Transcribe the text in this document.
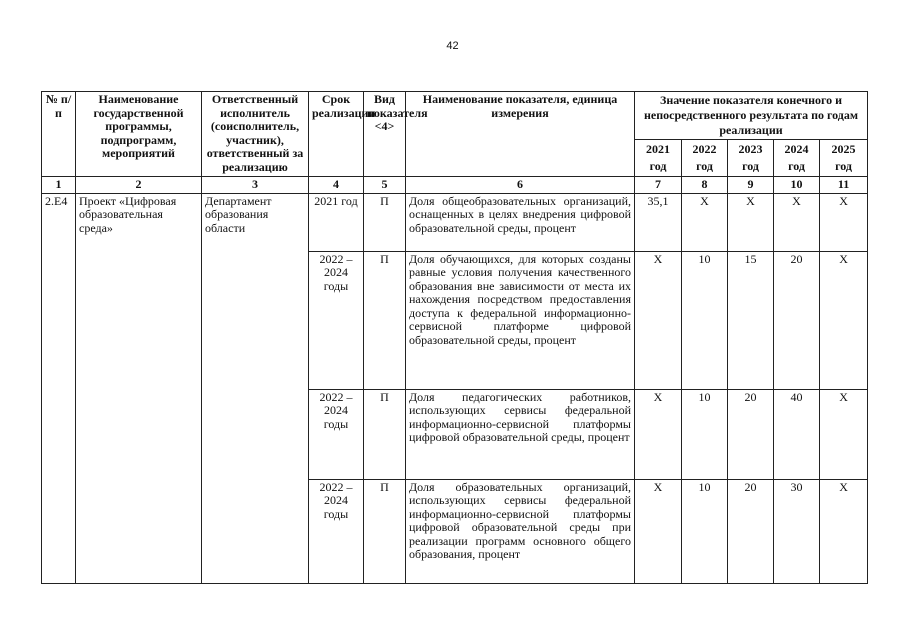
42
№ п/п	Наименование государственной программы, подпрограмм, мероприятий	Ответственный исполнитель (соисполнитель, участник), ответственный за реализацию	Срок реализации	Вид показателя <4>	Наименование показателя, единица измерения	Значение показателя конечного и непосредственного результата по годам реализации				
						2021 год	2022 год	2023 год	2024 год	2025 год
1	2	3	4	5	6	7	8	9	10	11
2.Е4	Проект «Цифровая образовательная среда»	Департамент образования области	2021 год	П	Доля общеобразовательных организаций, оснащенных в целях внедрения цифровой образовательной среды, процент	35,1	Х	Х	Х	Х
			2022 – 2024 годы	П	Доля обучающихся, для которых созданы равные условия получения качественного образования вне зависимости от места их нахождения посредством предоставления доступа к федеральной информационно-сервисной платформе цифровой образовательной среды, процент	Х	10	15	20	Х
			2022 – 2024 годы	П	Доля педагогических работников, использующих сервисы федеральной информационно-сервисной платформы цифровой образовательной среды, процент	Х	10	20	40	Х
			2022 – 2024 годы	П	Доля образовательных организаций, использующих сервисы федеральной информационно-сервисной платформы цифровой образовательной среды при реализации программ основного общего образования, процент	Х	10	20	30	Х
